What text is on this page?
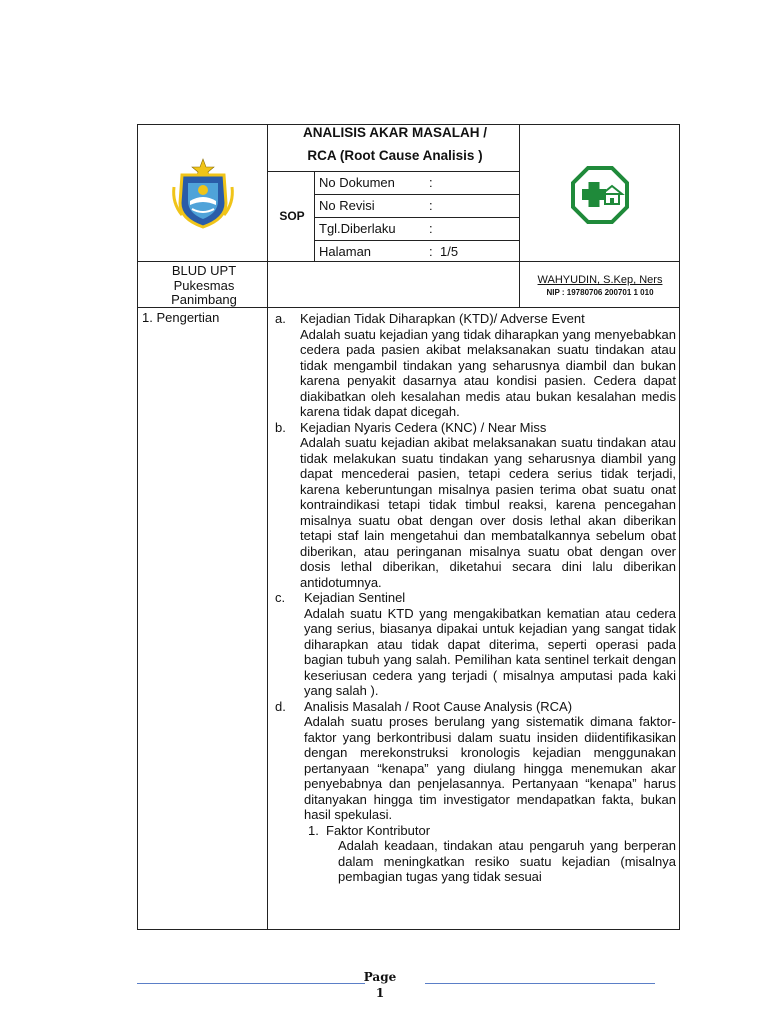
ANALISIS AKAR MASALAH /
RCA (Root Cause Analisis )
SOP
No Dokumen	:
No Revisi	:
Tgl.Diberlaku	:
Halaman	: 1/5
BLUD UPT
Pukesmas
Panimbang
WAHYUDIN, S.Kep, Ners
NIP : 19780706 200701 1 010
1. Pengertian	a. Kejadian Tidak Diharapkan (KTD)/ Adverse Event

Adalah suatu kejadian yang tidak diharapkan yang menyebabkan cedera pada pasien akibat melaksanakan suatu tindakan atau tidak mengambil tindakan yang seharusnya diambil dan bukan karena penyakit dasarnya atau kondisi pasien. Cedera dapat diakibatkan oleh kesalahan medis atau bukan kesalahan medis karena tidak dapat dicegah.

b. Kejadian Nyaris Cedera (KNC) / Near Miss

Adalah suatu kejadian akibat melaksanakan suatu tindakan atau tidak melakukan suatu tindakan yang seharusnya diambil yang dapat mencederai pasien, tetapi cedera serius tidak terjadi, karena keberuntungan misalnya pasien terima obat suatu onat kontraindikasi tetapi tidak timbul reaksi, karena pencegahan misalnya suatu obat dengan over dosis lethal akan diberikan tetapi staf lain mengetahui dan membatalkannya sebelum obat diberikan, atau peringanan misalnya suatu obat dengan over dosis lethal diberikan, diketahui secara dini lalu diberikan antidotumnya.

c.	Kejadian Sentinel

Adalah suatu KTD yang mengakibatkan kematian atau cedera yang serius, biasanya dipakai untuk kejadian yang sangat tidak diharapkan atau tidak dapat diterima, seperti operasi pada bagian tubuh yang salah. Pemilihan kata sentinel terkait dengan keseriusan cedera yang terjadi ( misalnya amputasi pada kaki yang salah ).

d.	Analisis Masalah / Root Cause Analysis (RCA)

Adalah suatu proses berulang yang sistematik dimana faktor-faktor yang berkontribusi dalam suatu insiden diidentifikasikan dengan merekonstruksi kronologis kejadian menggunakan pertanyaan “kenapa” yang diulang hingga menemukan akar penyebabnya dan penjelasannya. Pertanyaan “kenapa” harus ditanyakan hingga tim investigator mendapatkan fakta, bukan hasil spekulasi.

1. Faktor Kontributor

Adalah keadaan, tindakan atau pengaruh yang berperan dalam meningkatkan resiko suatu kejadian (misalnya pembagian tugas yang tidak sesuai

Page
1
